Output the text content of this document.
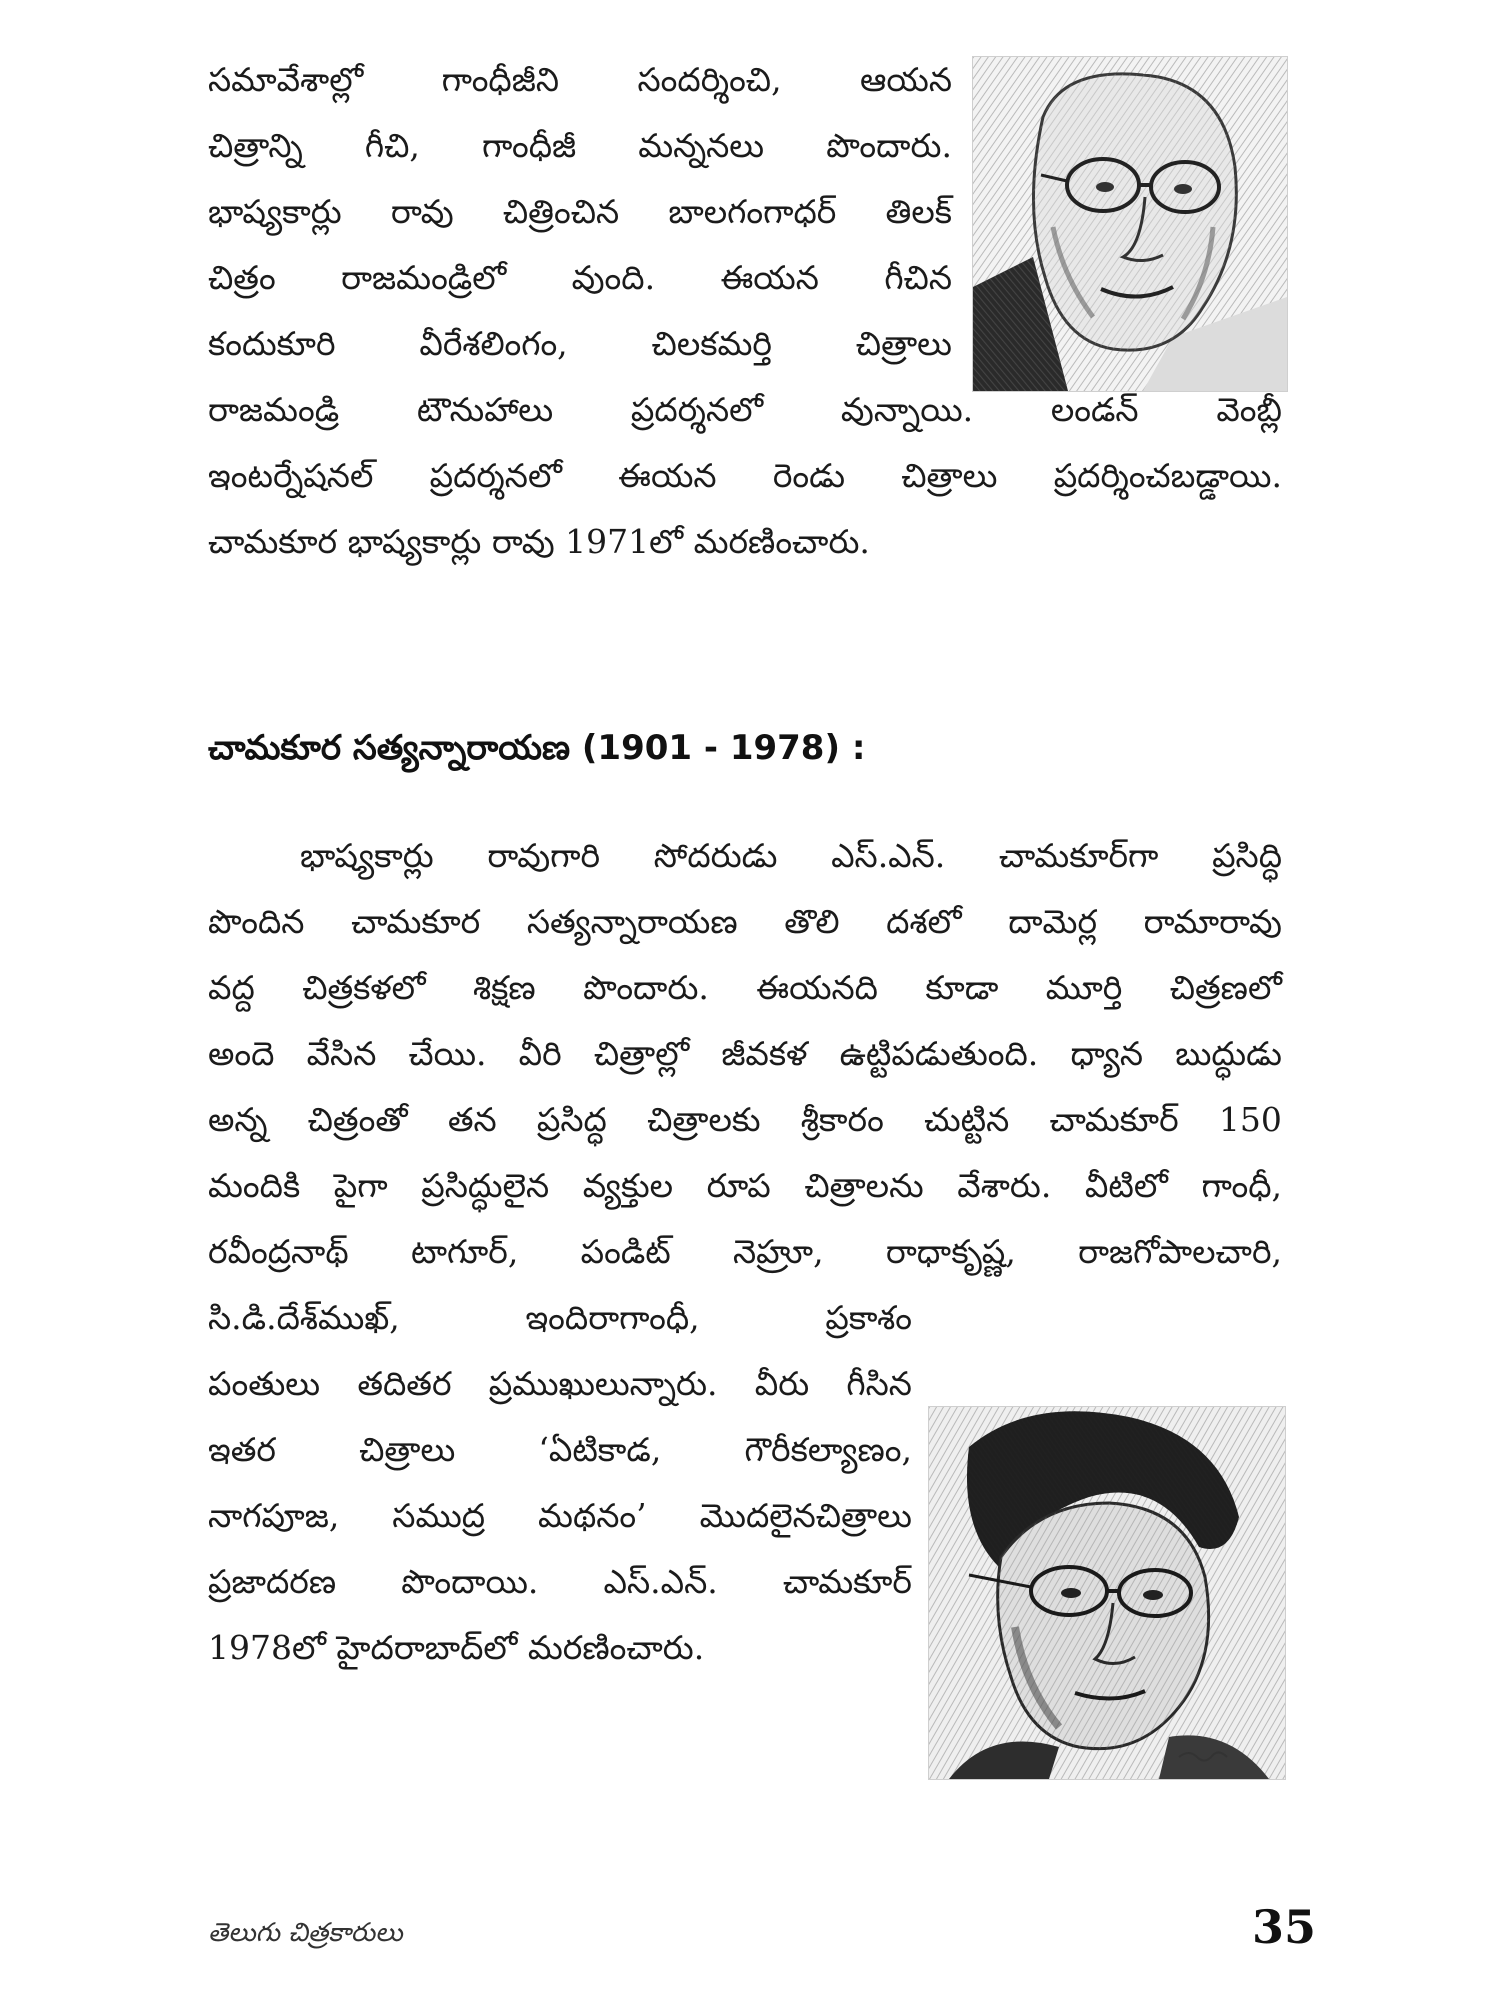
సమావేశాల్లో గాంధీజీని సందర్శించి, ఆయన
చిత్రాన్ని గీచి, గాంధీజీ మన్ననలు పొందారు.
భాష్యకార్లు రావు చిత్రించిన బాలగంగాధర్ తిలక్
చిత్రం రాజమండ్రిలో వుంది. ఈయన గీచిన
కందుకూరి	వీరేశలింగం,	చిలకమర్తి	చిత్రాలు
రాజమండ్రి టౌనుహాలు ప్రదర్శనలో వున్నాయి. లండన్ వెంబ్లీ
ఇంటర్నేషనల్ ప్రదర్శనలో ఈయన రెండు చిత్రాలు ప్రదర్శించబడ్డాయి.
చామకూర భాష్యకార్లు రావు 1971లో మరణించారు.
చామకూర సత్యన్నారాయణ (1901 - 1978) :
భాష్యకార్లు రావుగారి సోదరుడు ఎస్.ఎన్. చామకూర్‌గా ప్రసిద్ధి
పొందిన చామకూర సత్యన్నారాయణ తొలి దశలో దామెర్ల రామారావు
వద్ద చిత్రకళలో శిక్షణ పొందారు. ఈయనది కూడా మూర్తి చిత్రణలో
అందె వేసిన చేయి. వీరి చిత్రాల్లో జీవకళ ఉట్టిపడుతుంది. ధ్యాన బుద్ధుడు
అన్న చిత్రంతో తన ప్రసిద్ధ చిత్రాలకు శ్రీకారం చుట్టిన చామకూర్ 150
మందికి పైగా ప్రసిద్ధులైన వ్యక్తుల రూప చిత్రాలను వేశారు. వీటిలో గాంధీ,
రవీంద్రనాథ్ టాగూర్, పండిట్ నెహ్రూ, రాధాకృష్ణ, రాజగోపాలచారి,
సి.డి.దేశ్‌ముఖ్,	ఇందిరాగాంధీ,	ప్రకాశం
పంతులు తదితర ప్రముఖులున్నారు. వీరు గీసిన
ఇతర	చిత్రాలు	‘ఏటికాడ,	గౌరీకల్యాణం,
నాగపూజ, సముద్ర మథనం’ మొదలైనచిత్రాలు
ప్రజాదరణ పొందాయి. ఎస్.ఎన్. చామకూర్
1978లో హైదరాబాద్‌లో మరణించారు.
తెలుగు చిత్రకారులు	35
